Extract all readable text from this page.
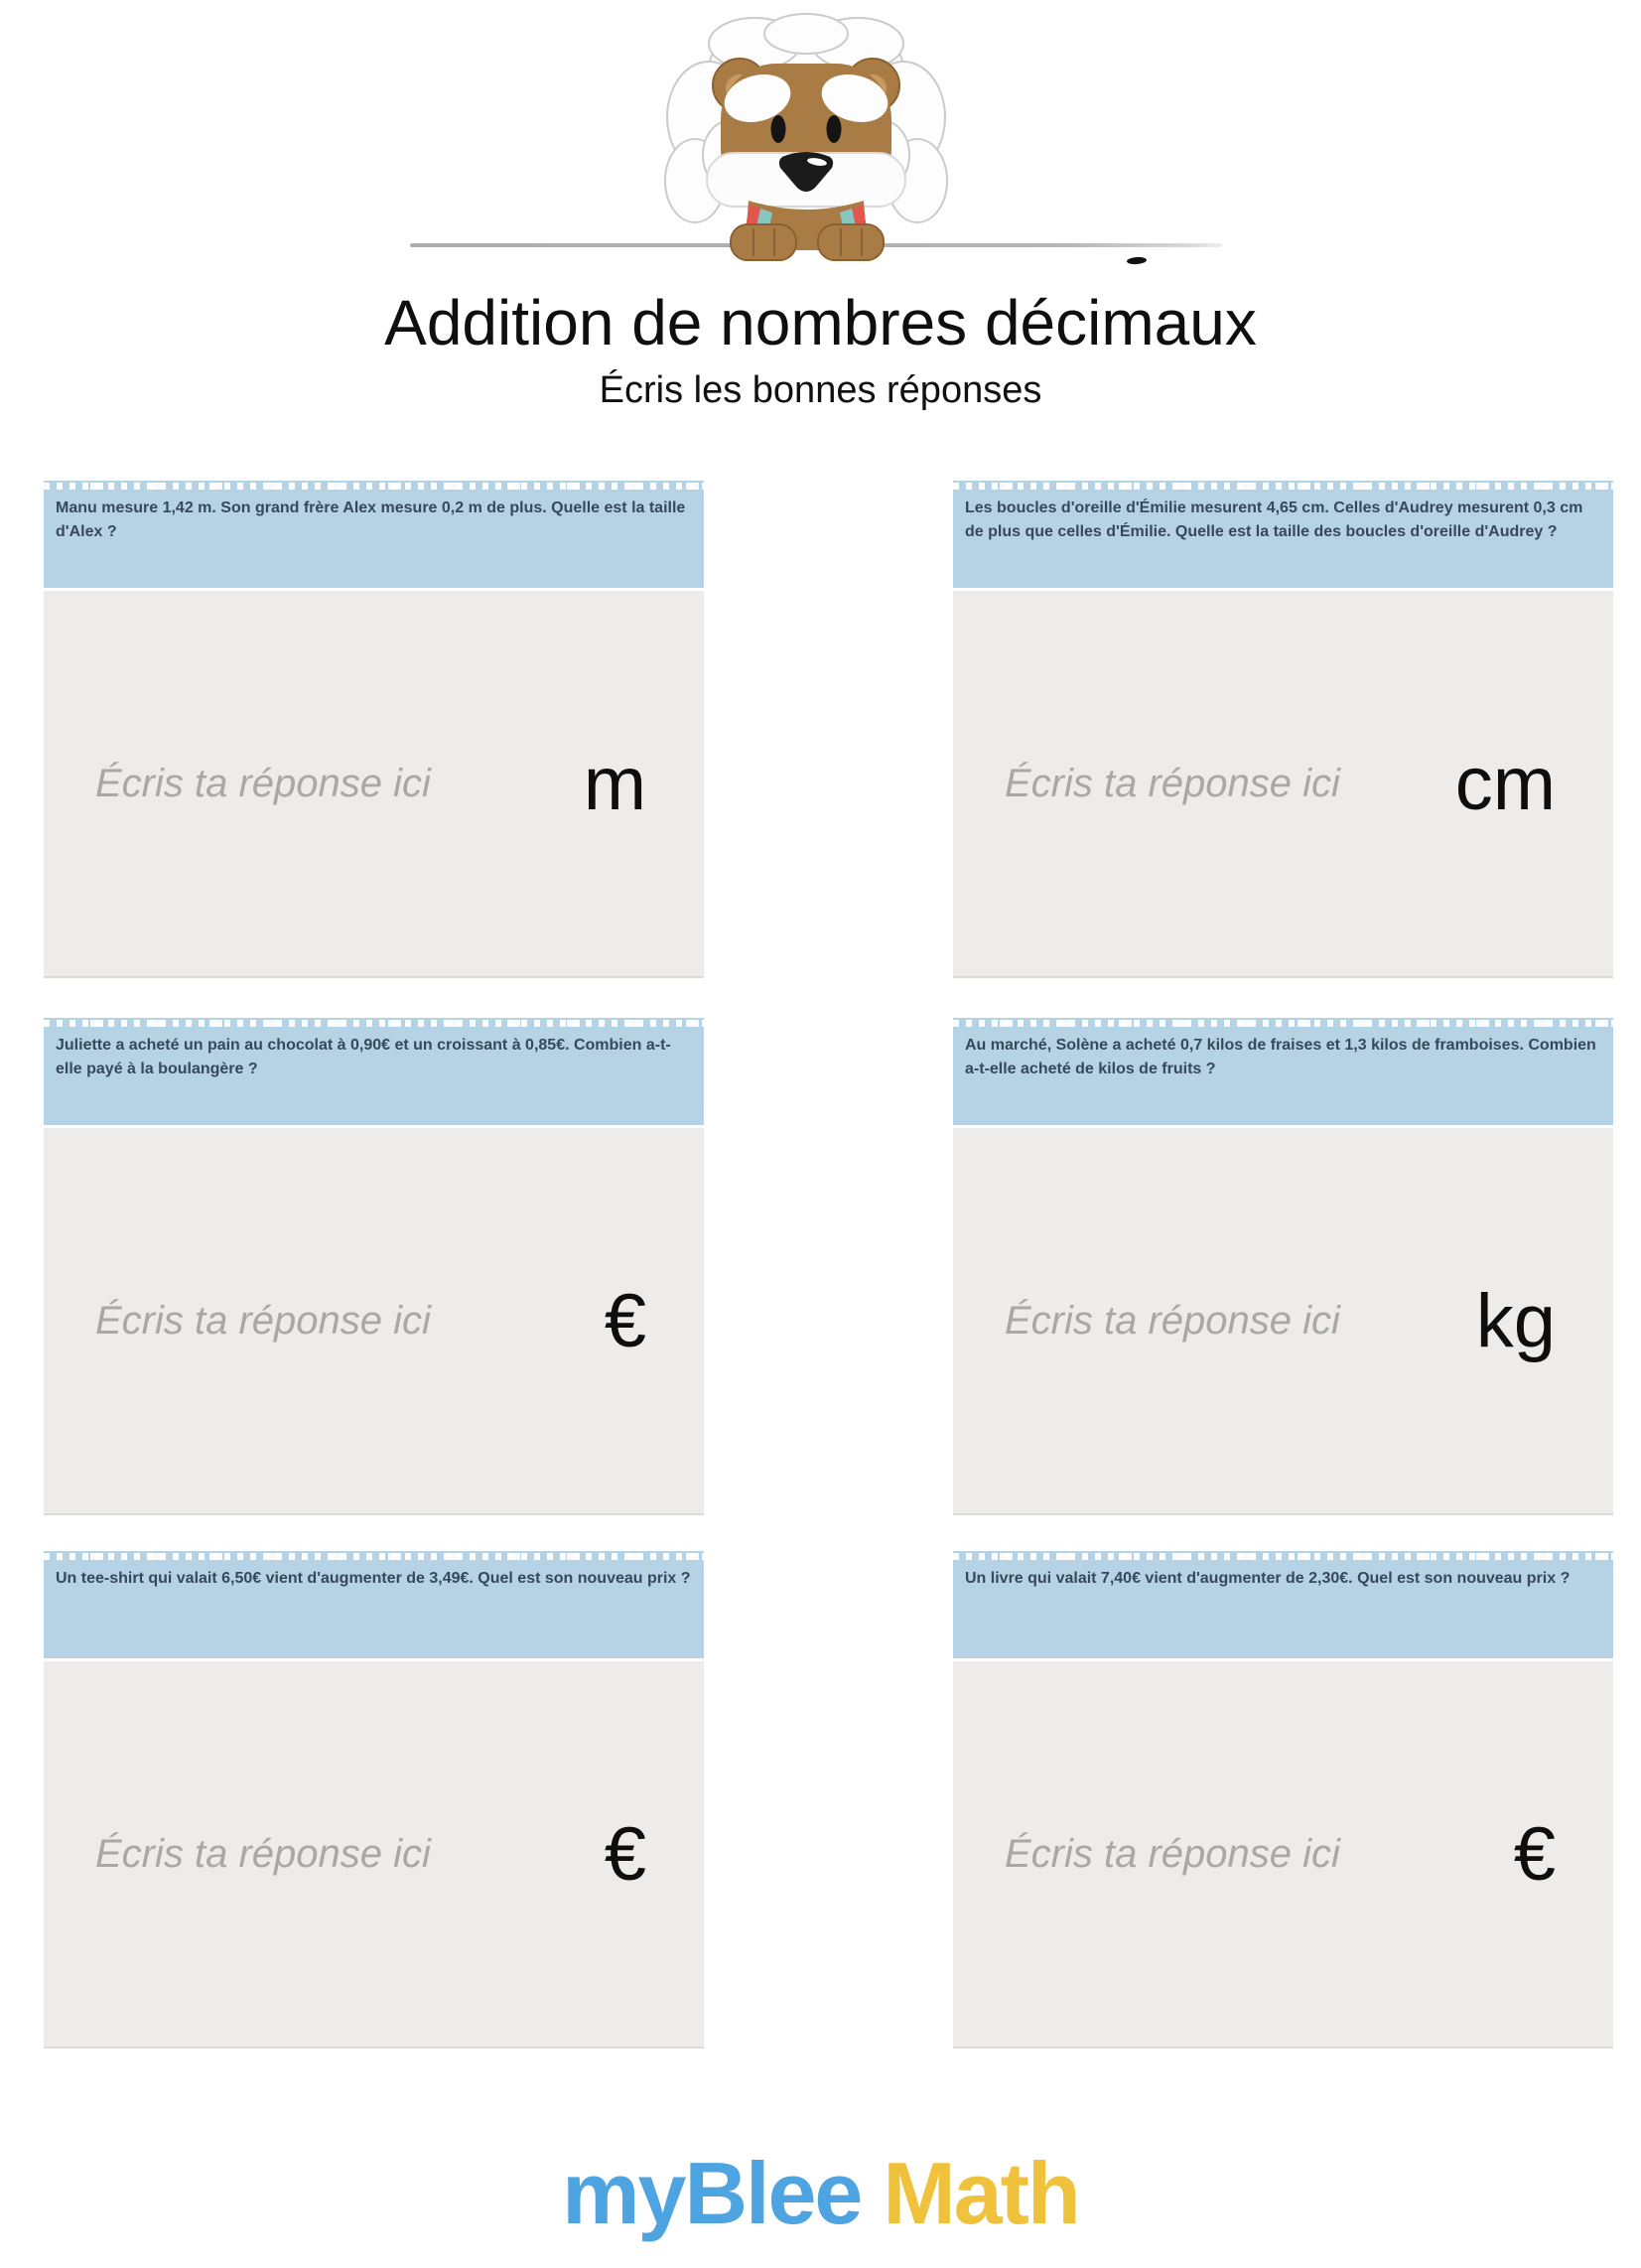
Addition de nombres décimaux
Écris les bonnes réponses
Manu mesure 1,42 m. Son grand frère Alex mesure 0,2 m de plus. Quelle est la taille d'Alex ?
Écris ta réponse ici m
Les boucles d'oreille d'Émilie mesurent 4,65 cm. Celles d'Audrey mesurent 0,3 cm de plus que celles d'Émilie. Quelle est la taille des boucles d'oreille d'Audrey ?
Écris ta réponse ici cm
Juliette a acheté un pain au chocolat à 0,90€ et un croissant à 0,85€. Combien a-t-elle payé à la boulangère ?
Écris ta réponse ici €
Au marché, Solène a acheté 0,7 kilos de fraises et 1,3 kilos de framboises. Combien a-t-elle acheté de kilos de fruits ?
Écris ta réponse ici kg
Un tee-shirt qui valait 6,50€ vient d'augmenter de 3,49€. Quel est son nouveau prix ?
Écris ta réponse ici €
Un livre qui valait 7,40€ vient d'augmenter de 2,30€. Quel est son nouveau prix ?
Écris ta réponse ici €
myBlee Math
